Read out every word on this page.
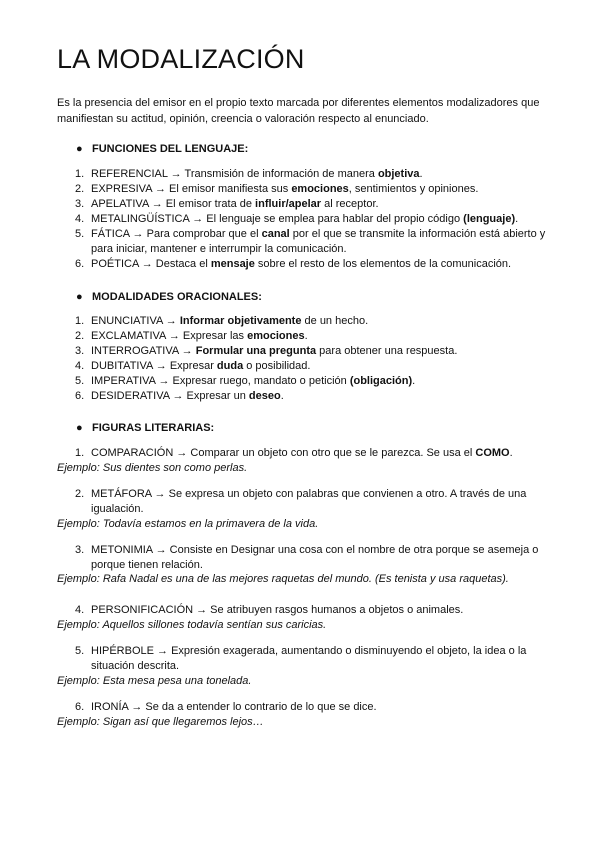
LA MODALIZACIÓN

Es la presencia del emisor en el propio texto marcada por diferentes elementos modalizadores que manifiestan su actitud, opinión, creencia o valoración respecto al enunciado.

● FUNCIONES DEL LENGUAJE:

1. REFERENCIAL → Transmisión de información de manera objetiva.
2. EXPRESIVA → El emisor manifiesta sus emociones, sentimientos y opiniones.
3. APELATIVA → El emisor trata de influir/apelar al receptor.
4. METALINGÜÍSTICA → El lenguaje se emplea para hablar del propio código (lenguaje).
5. FÁTICA → Para comprobar que el canal por el que se transmite la información está abierto y para iniciar, mantener e interrumpir la comunicación.
6. POÉTICA → Destaca el mensaje sobre el resto de los elementos de la comunicación.

● MODALIDADES ORACIONALES:

1. ENUNCIATIVA → Informar objetivamente de un hecho.
2. EXCLAMATIVA → Expresar las emociones.
3. INTERROGATIVA → Formular una pregunta para obtener una respuesta.
4. DUBITATIVA → Expresar duda o posibilidad.
5. IMPERATIVA → Expresar ruego, mandato o petición (obligación).
6. DESIDERATIVA → Expresar un deseo.

● FIGURAS LITERARIAS:

1. COMPARACIÓN → Comparar un objeto con otro que se le parezca. Se usa el COMO.

Ejemplo: Sus dientes son como perlas.

2. METÁFORA → Se expresa un objeto con palabras que convienen a otro. A través de una igualación.

Ejemplo: Todavía estamos en la primavera de la vida.

3. METONIMIA → Consiste en Designar una cosa con el nombre de otra porque se asemeja o porque tienen relación.

Ejemplo: Rafa Nadal es una de las mejores raquetas del mundo. (Es tenista y usa raquetas).

4. PERSONIFICACIÓN → Se atribuyen rasgos humanos a objetos o animales.

Ejemplo: Aquellos sillones todavía sentían sus caricias.

5. HIPÉRBOLE → Expresión exagerada, aumentando o disminuyendo el objeto, la idea o la situación descrita.

Ejemplo: Esta mesa pesa una tonelada.

6. IRONÍA → Se da a entender lo contrario de lo que se dice.

Ejemplo: Sigan así que llegaremos lejos…
